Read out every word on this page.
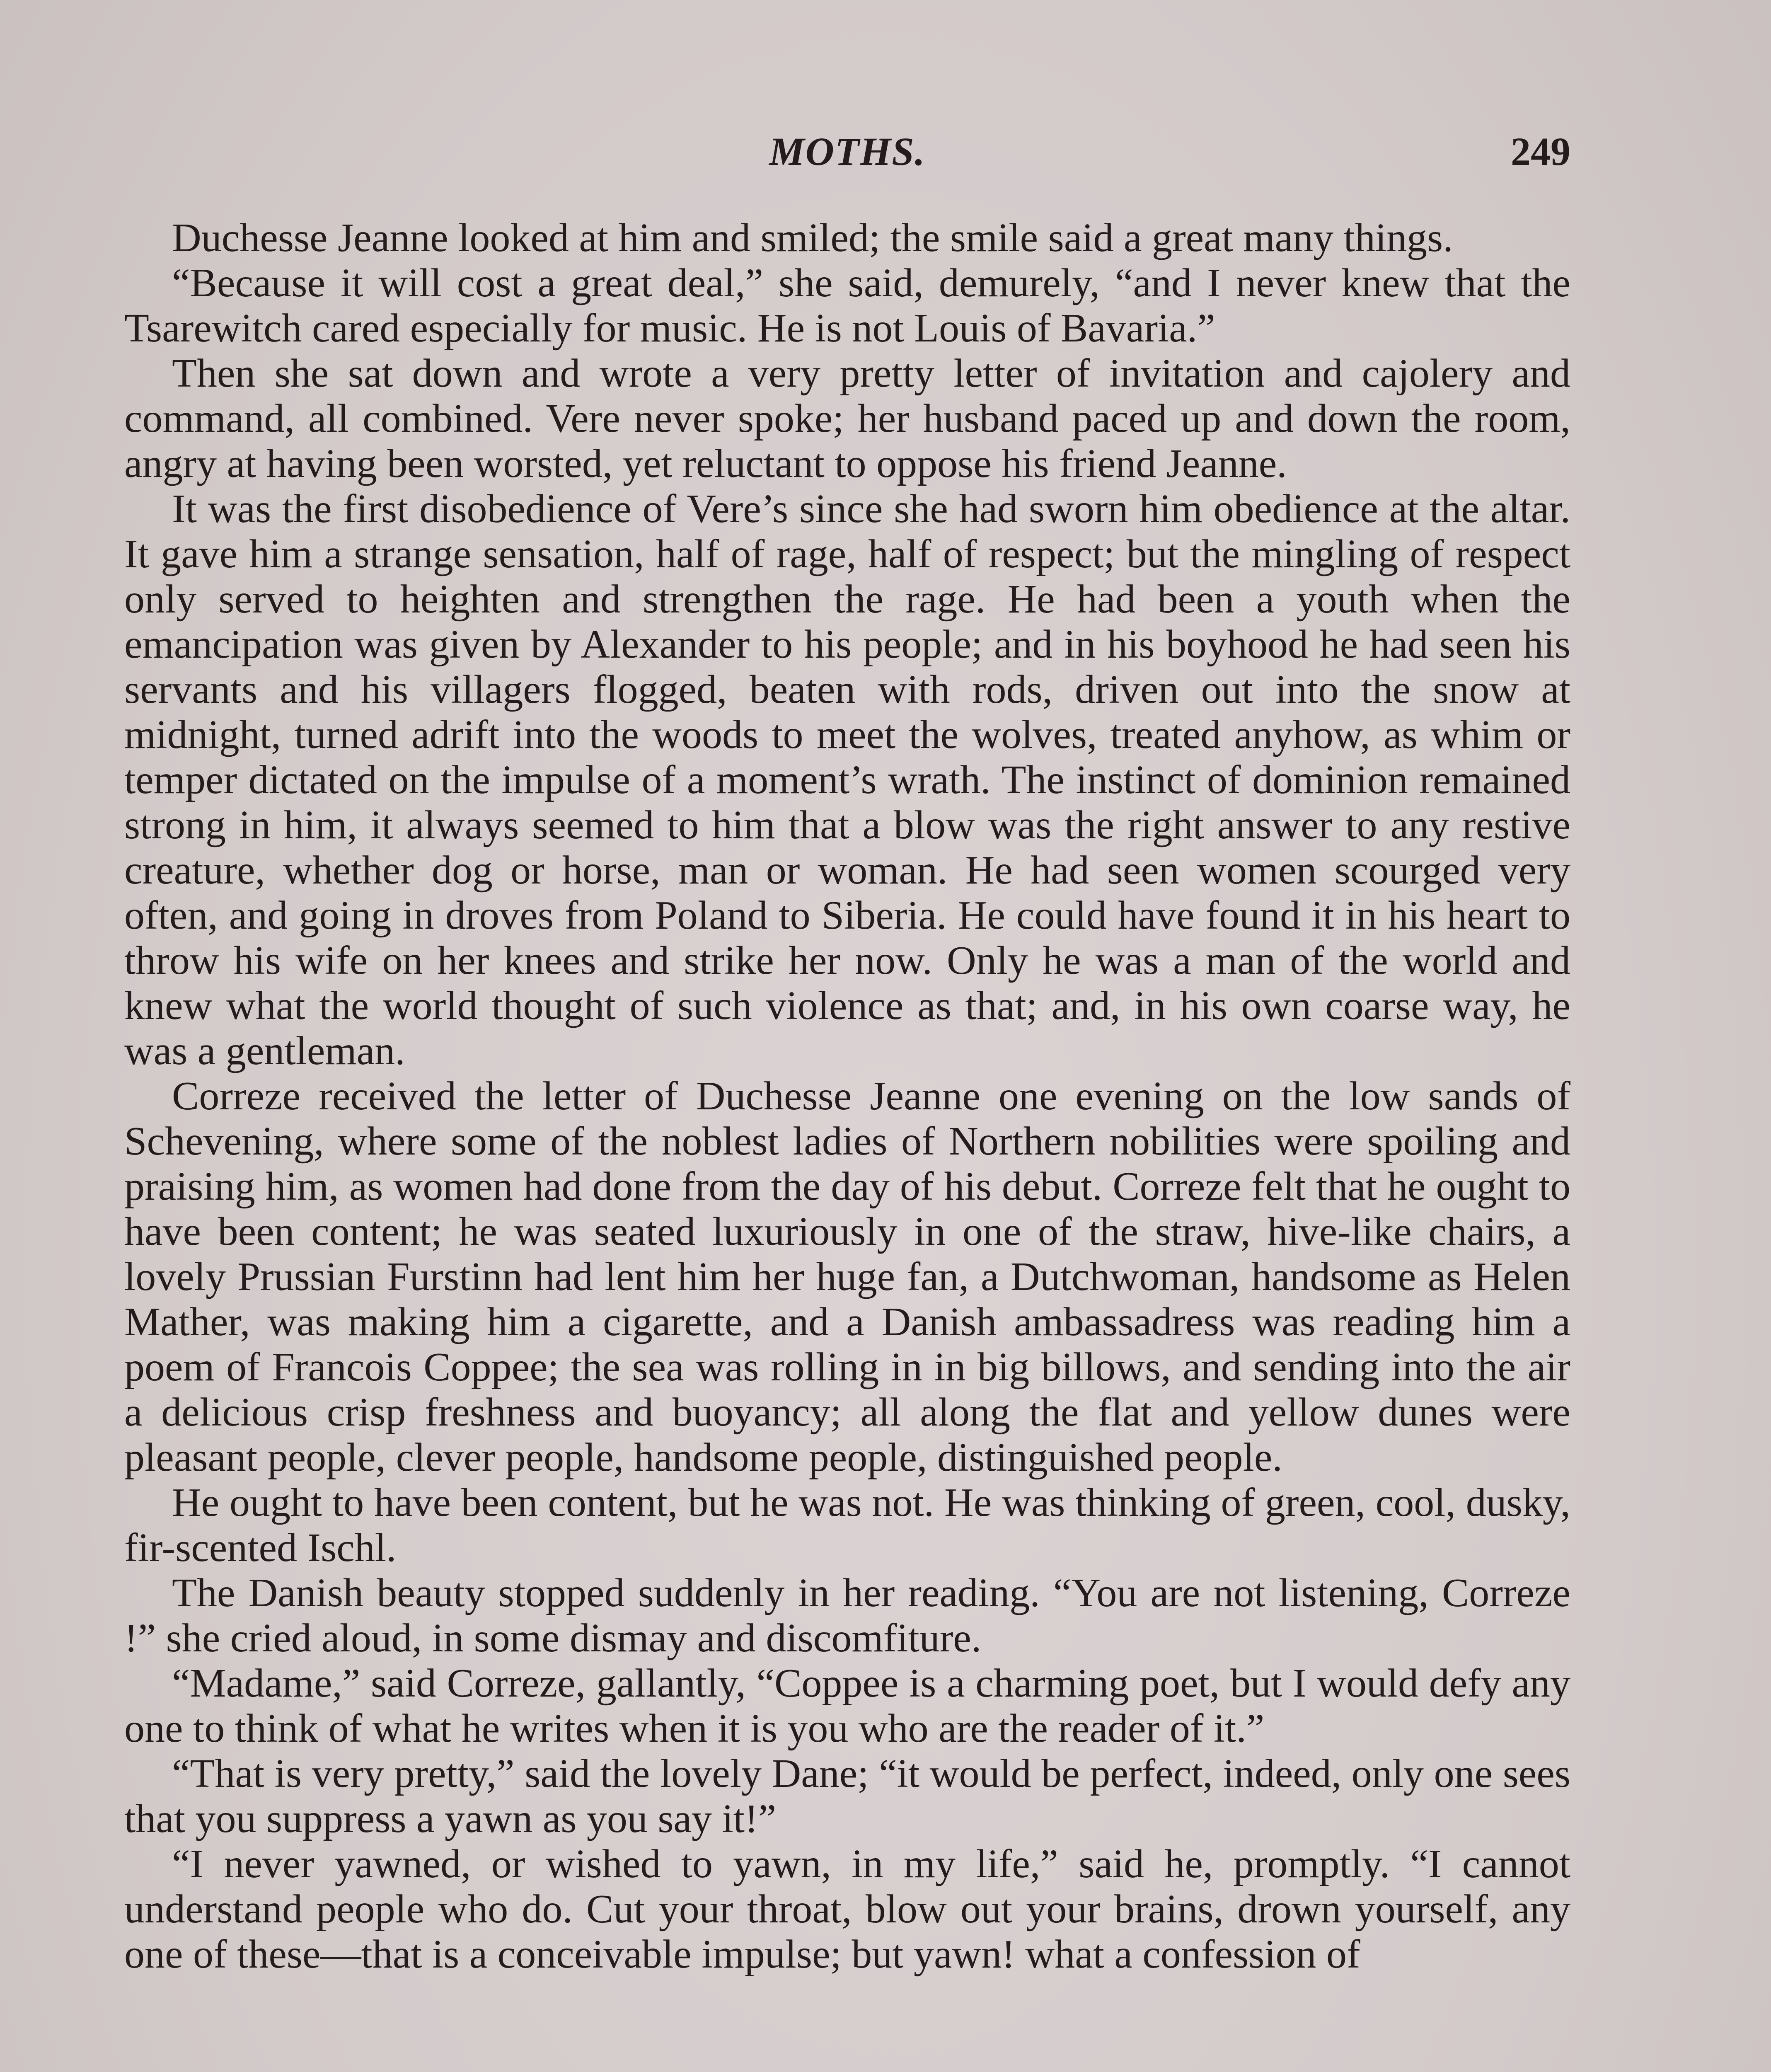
MOTHS.	249

Duchesse Jeanne looked at him and smiled; the smile said a great many things.

“Because it will cost a great deal,” she said, demurely, “and I never knew that the Tsarewitch cared especially for music. He is not Louis of Bavaria.”

Then she sat down and wrote a very pretty letter of invitation and cajolery and command, all combined. Vere never spoke; her husband paced up and down the room, angry at having been worsted, yet reluctant to oppose his friend Jeanne.

It was the first disobedience of Vere’s since she had sworn him obedience at the altar. It gave him a strange sensation, half of rage, half of respect; but the mingling of respect only served to heighten and strengthen the rage. He had been a youth when the emancipation was given by Alexander to his people; and in his boyhood he had seen his servants and his villagers flogged, beaten with rods, driven out into the snow at midnight, turned adrift into the woods to meet the wolves, treated anyhow, as whim or temper dictated on the impulse of a moment’s wrath. The instinct of dominion remained strong in him, it always seemed to him that a blow was the right answer to any restive creature, whether dog or horse, man or woman. He had seen women scourged very often, and going in droves from Poland to Siberia. He could have found it in his heart to throw his wife on her knees and strike her now. Only he was a man of the world and knew what the world thought of such violence as that; and, in his own coarse way, he was a gentleman.

Correze received the letter of Duchesse Jeanne one evening on the low sands of Schevening, where some of the noblest ladies of Northern nobilities were spoiling and praising him, as women had done from the day of his debut. Correze felt that he ought to have been content; he was seated luxuriously in one of the straw, hive-like chairs, a lovely Prussian Furstinn had lent him her huge fan, a Dutchwoman, handsome as Helen Mather, was making him a cigarette, and a Danish ambassadress was reading him a poem of Francois Coppee; the sea was rolling in in big billows, and sending into the air a delicious crisp freshness and buoyancy; all along the flat and yellow dunes were pleasant people, clever people, handsome people, distinguished people.

He ought to have been content, but he was not. He was thinking of green, cool, dusky, fir-scented Ischl.

The Danish beauty stopped suddenly in her reading. “You are not listening, Correze !” she cried aloud, in some dismay and discomfiture.

“Madame,” said Correze, gallantly, “Coppee is a charming poet, but I would defy any one to think of what he writes when it is you who are the reader of it.”

“That is very pretty,” said the lovely Dane; “it would be perfect, indeed, only one sees that you suppress a yawn as you say it!”

“I never yawned, or wished to yawn, in my life,” said he, promptly. “I cannot understand people who do. Cut your throat, blow out your brains, drown yourself, any one of these—that is a conceivable impulse; but yawn! what a confession of
